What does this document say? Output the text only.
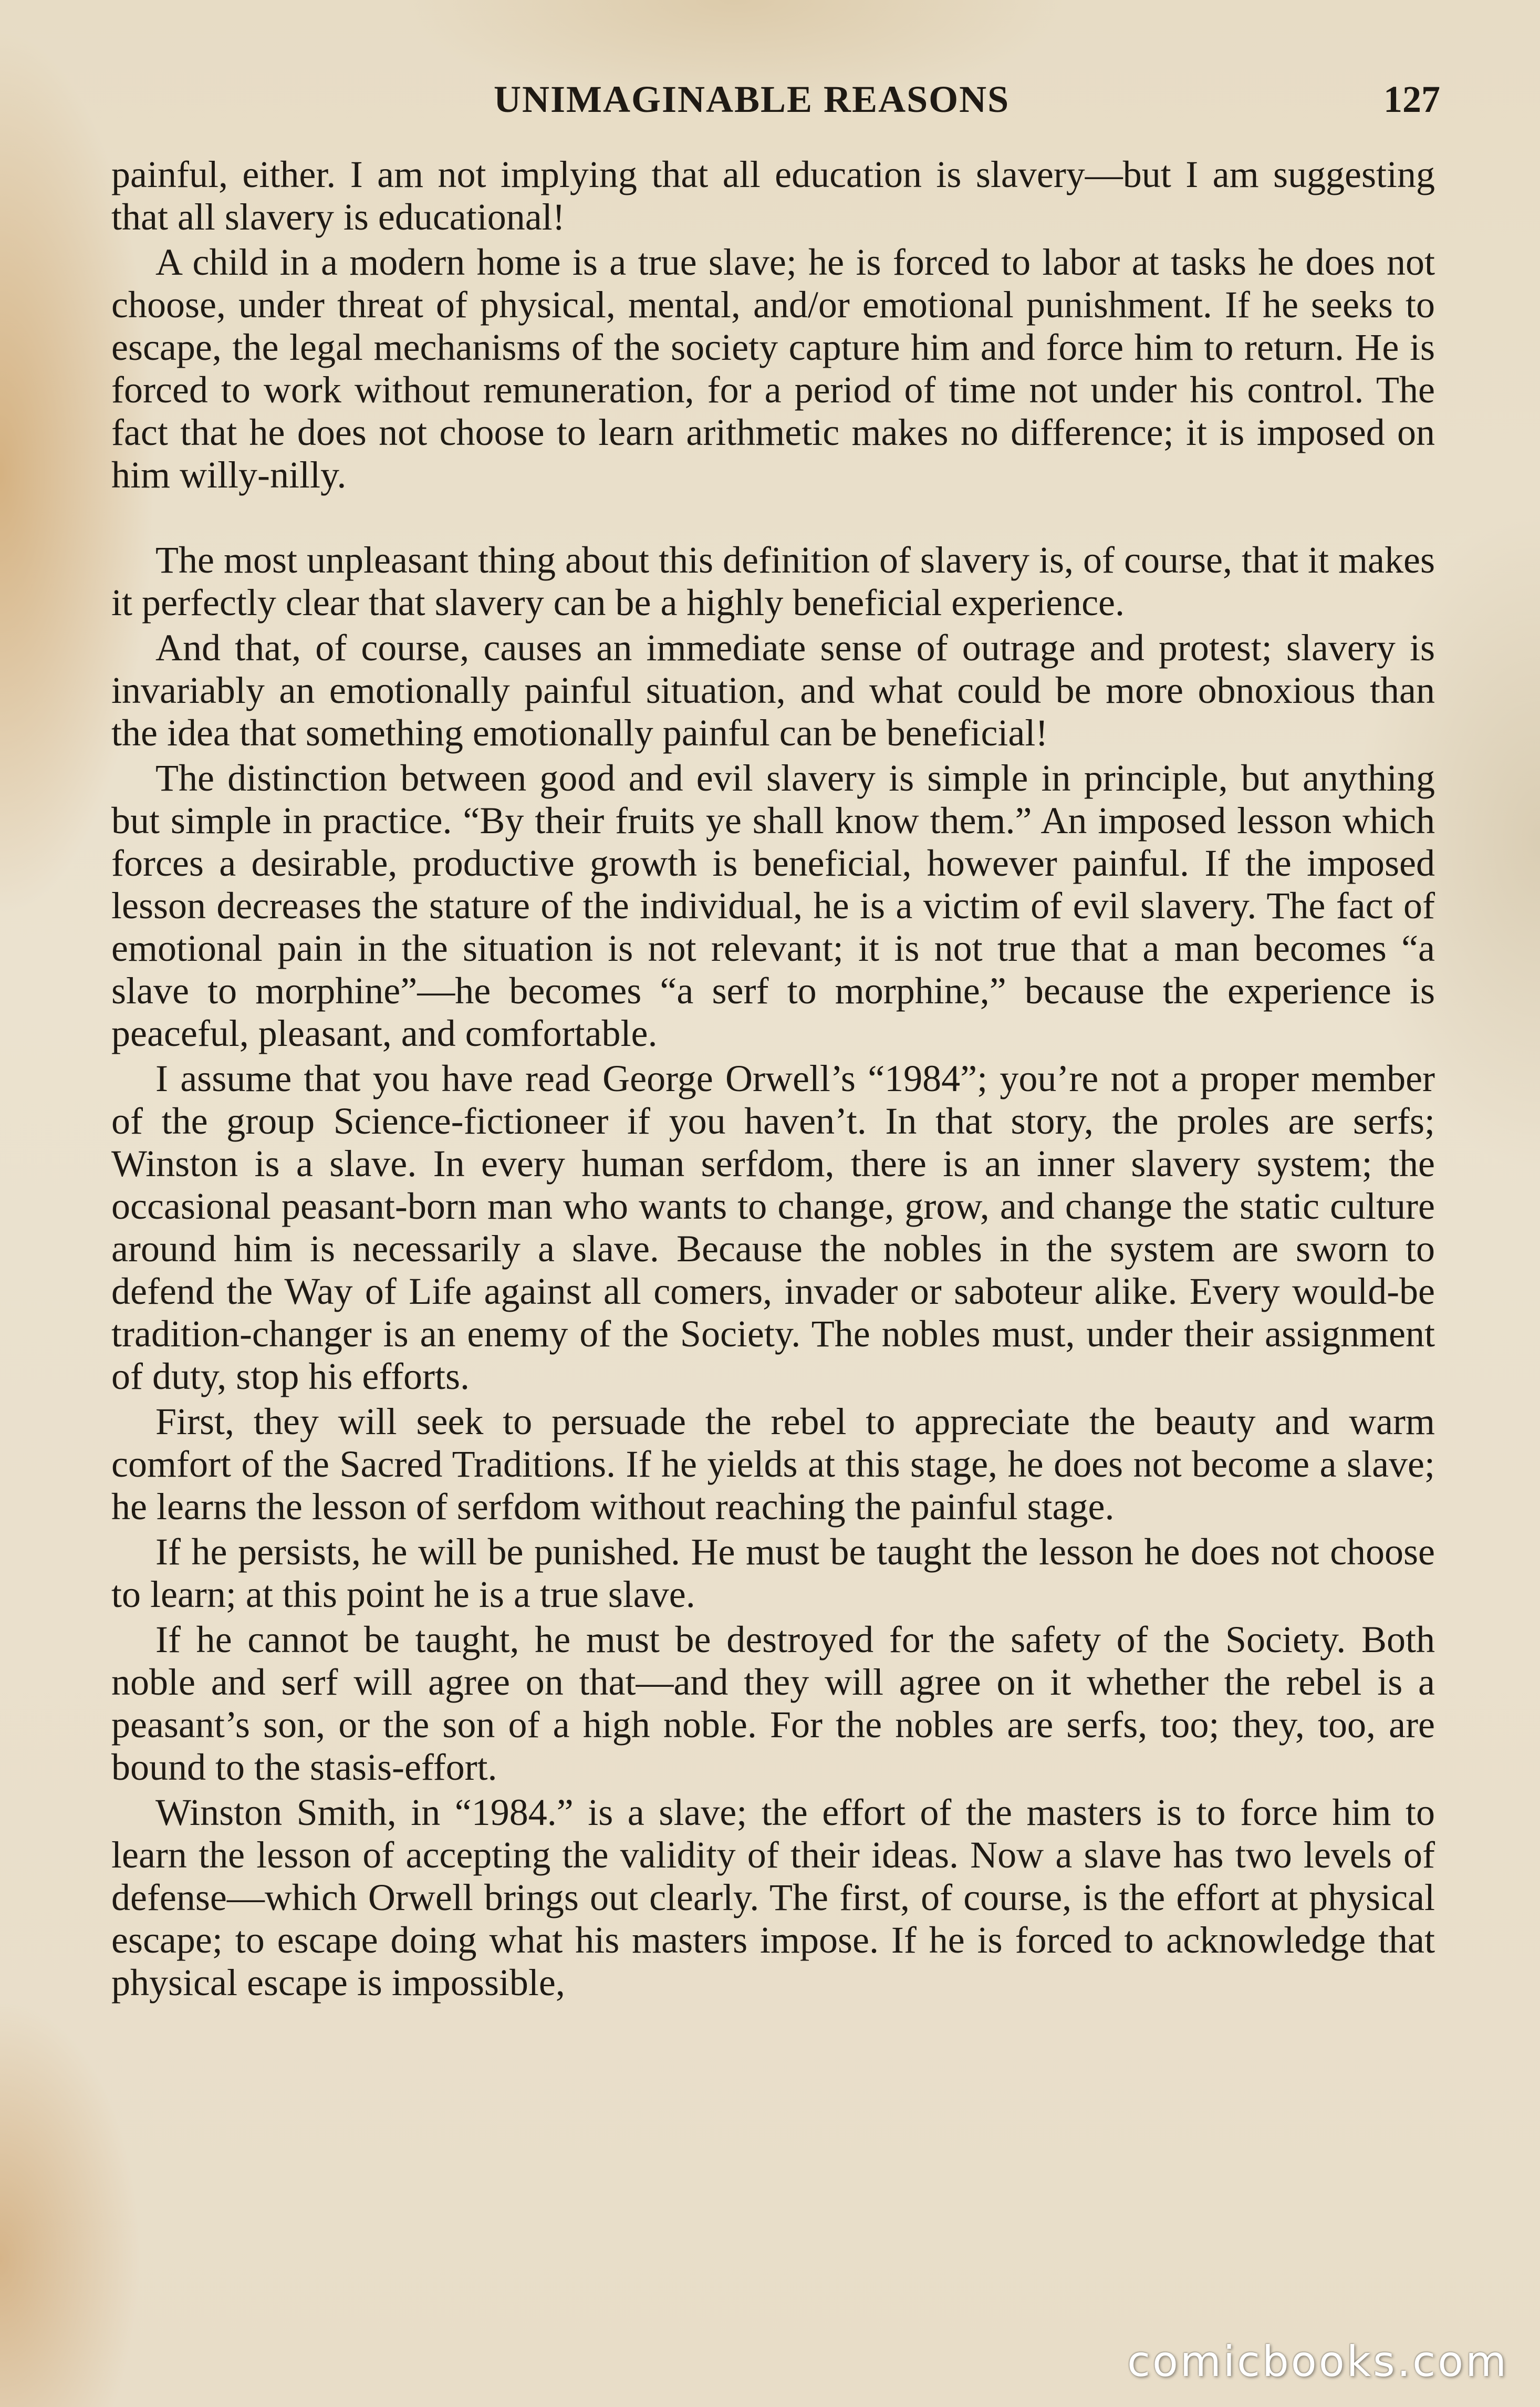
UNIMAGINABLE REASONS	127

painful, either. I am not implying that all education is slavery—but I am suggesting that all slavery is educational!

A child in a modern home is a true slave; he is forced to labor at tasks he does not choose, under threat of physical, mental, and/or emotional punishment. If he seeks to escape, the legal mechanisms of the society capture him and force him to return. He is forced to work without remuneration, for a period of time not under his control. The fact that he does not choose to learn arithmetic makes no difference; it is imposed on him willy-nilly.

The most unpleasant thing about this definition of slavery is, of course, that it makes it perfectly clear that slavery can be a highly beneficial experience.

And that, of course, causes an immediate sense of outrage and protest; slavery is invariably an emotionally painful situation, and what could be more obnoxious than the idea that something emotionally painful can be beneficial!

The distinction between good and evil slavery is simple in principle, but anything but simple in practice. “By their fruits ye shall know them.” An imposed lesson which forces a desirable, productive growth is beneficial, however painful. If the imposed lesson decreases the stature of the individual, he is a victim of evil slavery. The fact of emotional pain in the situation is not relevant; it is not true that a man becomes “a slave to morphine”—he becomes “a serf to morphine,” because the experience is peaceful, pleasant, and comfortable.

I assume that you have read George Orwell’s “1984”; you’re not a proper member of the group Science-fictioneer if you haven’t. In that story, the proles are serfs; Winston is a slave. In every human serfdom, there is an inner slavery system; the occasional peasant-born man who wants to change, grow, and change the static culture around him is necessarily a slave. Because the nobles in the system are sworn to defend the Way of Life against all comers, invader or saboteur alike. Every would-be tradition-changer is an enemy of the Society. The nobles must, under their assignment of duty, stop his efforts.

First, they will seek to persuade the rebel to appreciate the beauty and warm comfort of the Sacred Traditions. If he yields at this stage, he does not become a slave; he learns the lesson of serfdom without reaching the painful stage.

If he persists, he will be punished. He must be taught the lesson he does not choose to learn; at this point he is a true slave.

If he cannot be taught, he must be destroyed for the safety of the Society. Both noble and serf will agree on that—and they will agree on it whether the rebel is a peasant’s son, or the son of a high noble. For the nobles are serfs, too; they, too, are bound to the stasis-effort.

Winston Smith, in “1984.” is a slave; the effort of the masters is to force him to learn the lesson of accepting the validity of their ideas. Now a slave has two levels of defense—which Orwell brings out clearly. The first, of course, is the effort at physical escape; to escape doing what his masters impose. If he is forced to acknowledge that physical escape is impossible,

comicbooks.com
